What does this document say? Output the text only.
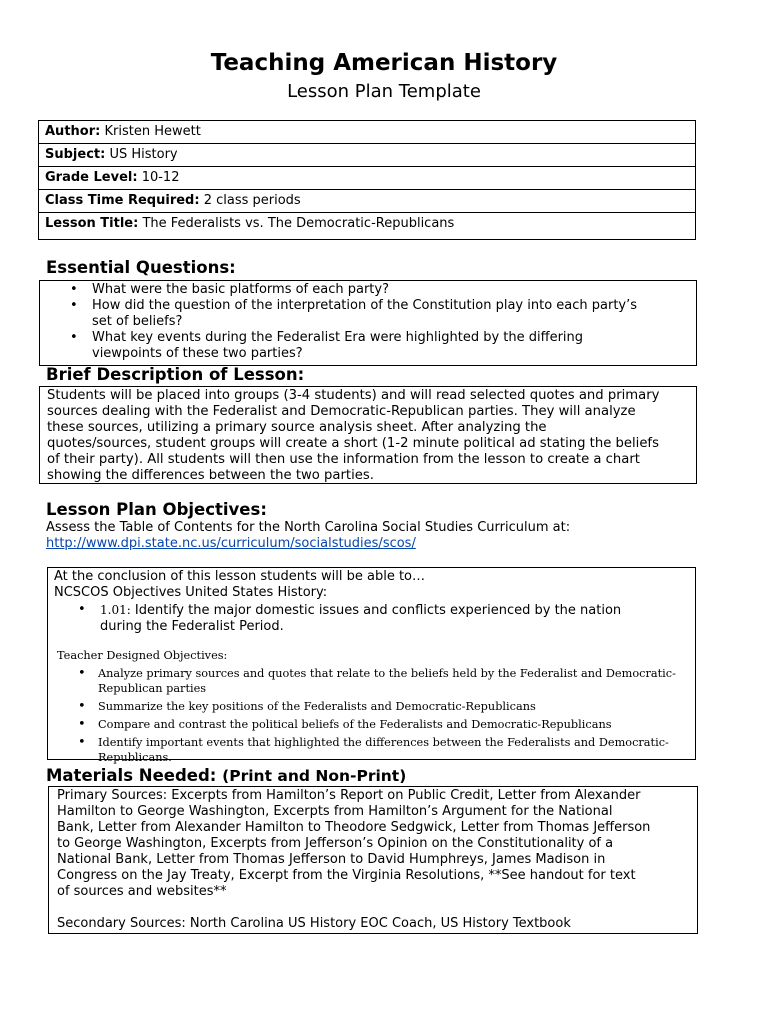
Teaching American History
Lesson Plan Template
Author: Kristen Hewett
Subject: US History
Grade Level: 10-12
Class Time Required: 2 class periods
Lesson Title: The Federalists vs. The Democratic-Republicans
Essential Questions:
• What were the basic platforms of each party?
• How did the question of the interpretation of the Constitution play into each party’s
set of beliefs?
• What key events during the Federalist Era were highlighted by the differing
viewpoints of these two parties?
Brief Description of Lesson:
Students will be placed into groups (3-4 students) and will read selected quotes and primary
sources dealing with the Federalist and Democratic-Republican parties. They will analyze
these sources, utilizing a primary source analysis sheet. After analyzing the
quotes/sources, student groups will create a short (1-2 minute political ad stating the beliefs
of their party). All students will then use the information from the lesson to create a chart
showing the differences between the two parties.
Lesson Plan Objectives:
Assess the Table of Contents for the North Carolina Social Studies Curriculum at:
http://www.dpi.state.nc.us/curriculum/socialstudies/scos/
At the conclusion of this lesson students will be able to…
NCSCOS Objectives United States History:
• 1.01: Identify the major domestic issues and conflicts experienced by the nation
during the Federalist Period.
Teacher Designed Objectives:
• Analyze primary sources and quotes that relate to the beliefs held by the Federalist and Democratic-
Republican parties
• Summarize the key positions of the Federalists and Democratic-Republicans
• Compare and contrast the political beliefs of the Federalists and Democratic-Republicans
• Identify important events that highlighted the differences between the Federalists and Democratic-
Republicans.
Materials Needed: (Print and Non-Print)
Primary Sources: Excerpts from Hamilton’s Report on Public Credit, Letter from Alexander
Hamilton to George Washington, Excerpts from Hamilton’s Argument for the National
Bank, Letter from Alexander Hamilton to Theodore Sedgwick, Letter from Thomas Jefferson
to George Washington, Excerpts from Jefferson’s Opinion on the Constitutionality of a
National Bank, Letter from Thomas Jefferson to David Humphreys, James Madison in
Congress on the Jay Treaty, Excerpt from the Virginia Resolutions, **See handout for text
of sources and websites**
Secondary Sources: North Carolina US History EOC Coach, US History Textbook
